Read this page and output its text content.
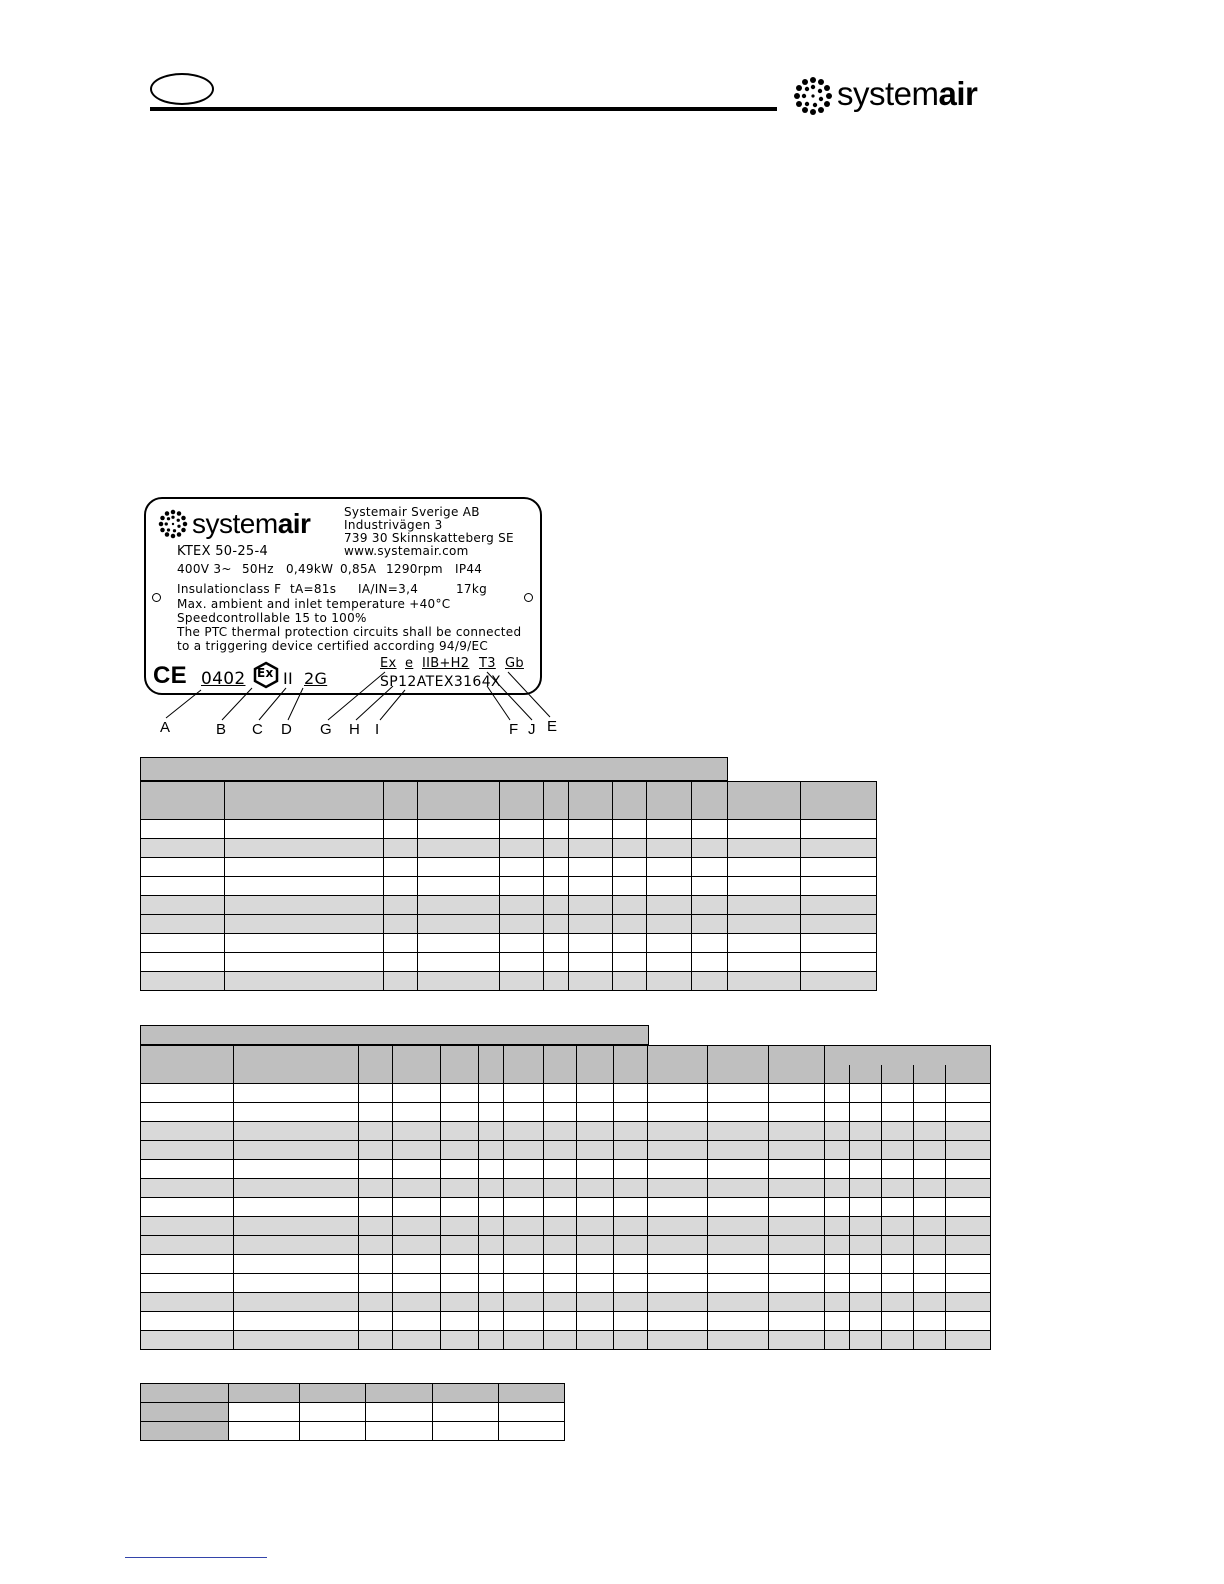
systemair
systemair	Systemair Sverige AB
Industrivägen 3
739 30 Skinnskatteberg SE
www.systemair.com
KTEX 50-25-4
400V 3~ 50Hz 0,49kW 0,85A 1290rpm IP44
Insulationclass F tA=81s IA/IN=3,4	17kg
Max. ambient and inlet temperature +40°C
Speedcontrollable 15 to 100%
The PTC thermal protection circuits shall be connected
to a triggering device certified according 94/9/EC
CE 0402 Ex II 2G
Ex e IIB+H2 T3 Gb
SP12ATEX3164X
A	B C D G H I	F J E
